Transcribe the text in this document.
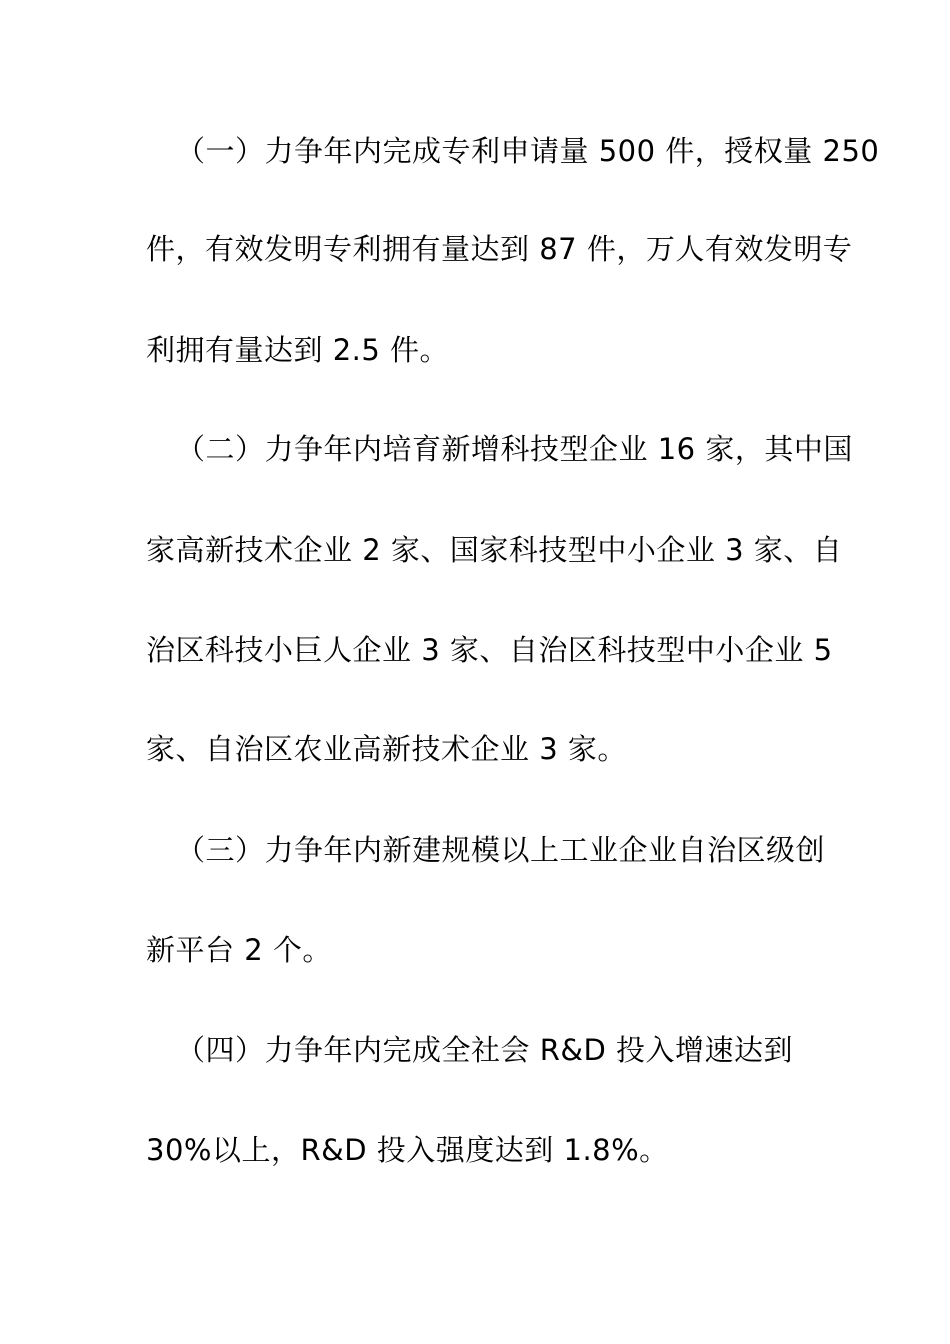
（一）力争年内完成专利申请量 500 件，授权量 250
件，有效发明专利拥有量达到 87 件，万人有效发明专
利拥有量达到 2.5 件。
（二）力争年内培育新增科技型企业 16 家，其中国
家高新技术企业 2 家、国家科技型中小企业 3 家、自
治区科技小巨人企业 3 家、自治区科技型中小企业 5
家、自治区农业高新技术企业 3 家。
（三）力争年内新建规模以上工业企业自治区级创
新平台 2 个。
（四）力争年内完成全社会 R&D 投入增速达到
30%以上，R&D 投入强度达到 1.8%。
